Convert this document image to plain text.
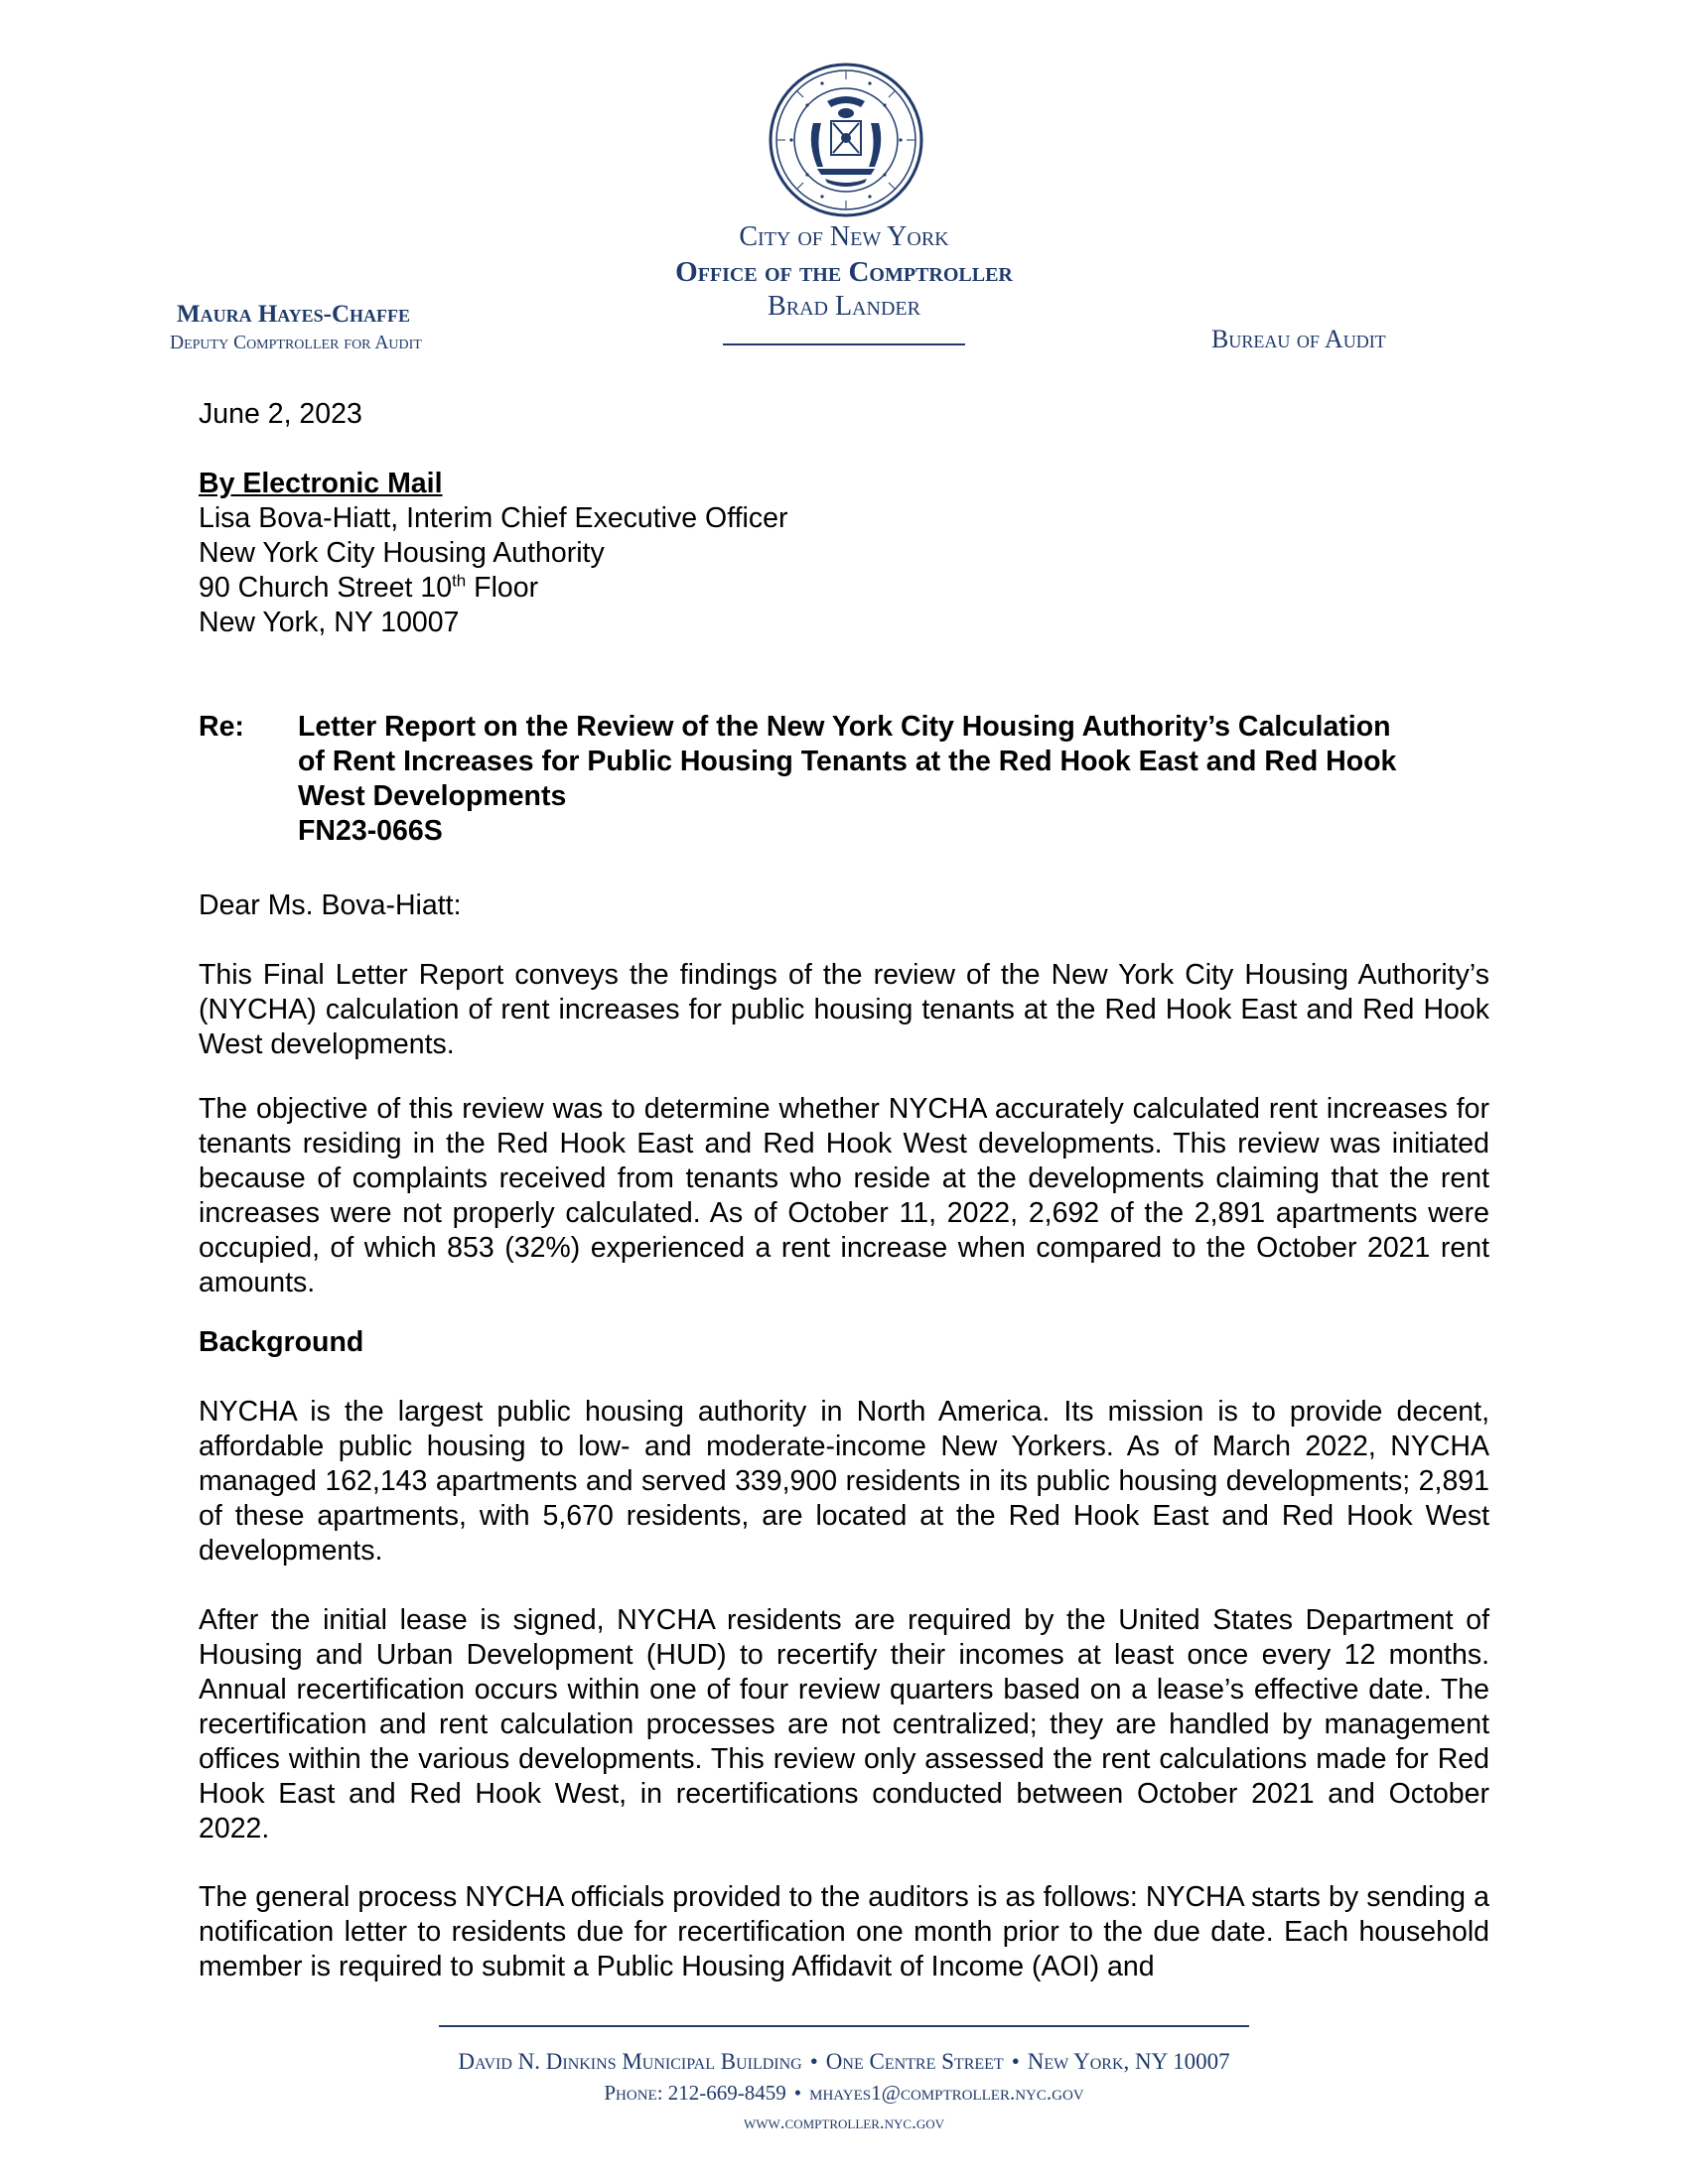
City of New York
Office of the Comptroller
Brad Lander
Maura Hayes-Chaffe
Deputy Comptroller for Audit	Bureau of Audit
June 2, 2023
By Electronic Mail
Lisa Bova-Hiatt, Interim Chief Executive Officer
New York City Housing Authority
90 Church Street 10th Floor
New York, NY 10007
Re: Letter Report on the Review of the New York City Housing Authority’s Calculation
of Rent Increases for Public Housing Tenants at the Red Hook East and Red Hook
West Developments
FN23-066S
Dear Ms. Bova-Hiatt:
This Final Letter Report conveys the findings of the review of the New York City Housing Authority’s (NYCHA) calculation of rent increases for public housing tenants at the Red Hook East and Red Hook West developments.
The objective of this review was to determine whether NYCHA accurately calculated rent increases for tenants residing in the Red Hook East and Red Hook West developments. This review was initiated because of complaints received from tenants who reside at the developments claiming that the rent increases were not properly calculated. As of October 11, 2022, 2,692 of the 2,891 apartments were occupied, of which 853 (32%) experienced a rent increase when compared to the October 2021 rent amounts.
Background
NYCHA is the largest public housing authority in North America. Its mission is to provide decent, affordable public housing to low- and moderate-income New Yorkers. As of March 2022, NYCHA managed 162,143 apartments and served 339,900 residents in its public housing developments; 2,891 of these apartments, with 5,670 residents, are located at the Red Hook East and Red Hook West developments.
After the initial lease is signed, NYCHA residents are required by the United States Department of Housing and Urban Development (HUD) to recertify their incomes at least once every 12 months. Annual recertification occurs within one of four review quarters based on a lease’s effective date. The recertification and rent calculation processes are not centralized; they are handled by management offices within the various developments. This review only assessed the rent calculations made for Red Hook East and Red Hook West, in recertifications conducted between October 2021 and October 2022.
The general process NYCHA officials provided to the auditors is as follows: NYCHA starts by sending a notification letter to residents due for recertification one month prior to the due date. Each household member is required to submit a Public Housing Affidavit of Income (AOI) and
David N. Dinkins Municipal Building • One Centre Street • New York, NY 10007
Phone: 212-669-8459 • mhayes1@comptroller.nyc.gov
www.comptroller.nyc.gov
